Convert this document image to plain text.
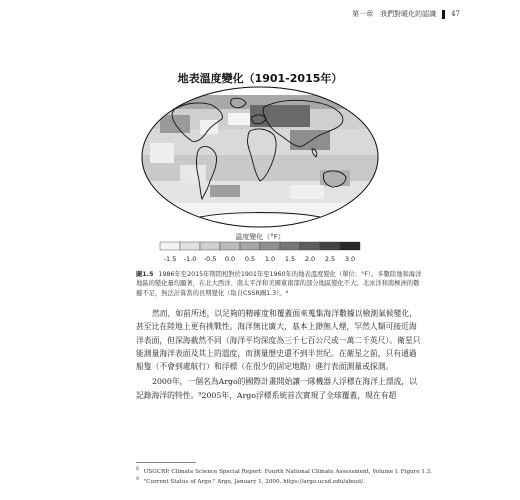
第一章　我們對暖化的認識 47
地表溫度變化（1901-2015年）
溫度變化（°F）
-1.5 -1.0 -0.5 0.0 0.5 1.0 1.5 2.0 2.5 3.0
圖1.5 1986年至2015年期間相對於1901年至1960年的地表溫度變化（單位：°F）。多數陸地和海洋地區的變化量均顯著，在北大西洋、南太平洋和美國東南部的部分地區變化不大。北冰洋和南極洲的數據不足，無法計算當的長期變化（取自CSSR圖1.3）。⁸

然而，如前所述，以足夠的精確度和覆蓋面來蒐集海洋數據以檢測氣候變化，甚至比在陸地上更有挑戰性。海洋無比廣大，基本上渺無人煙，罕然人類可接近海洋表面，但深海截然不同（海洋平均深度為三千七百公尺或一萬二千英尺）。衛星只能測量海洋表面及其上的溫度，而測量歷史還不到半世紀。在衛星之前，只有通過船隻（不會到處航行）和浮標（在很少的固定地點）進行表面測量或探測。

2000年，一個名為Argo的國際計畫開始讓一隊機器人浮標在海洋上漂流，以記錄海洋的特性。⁹2005年，Argo浮標系統首次實現了全球覆蓋，現在有超

$^8$ USGCRP. Climate Science Special Report: Fourth National Climate Assessment, Volume I. Figure 1.3.
$^9$ "Current Status of Argo." Argo, January 1, 2000. https://argo.ucsd.edu/about/.
